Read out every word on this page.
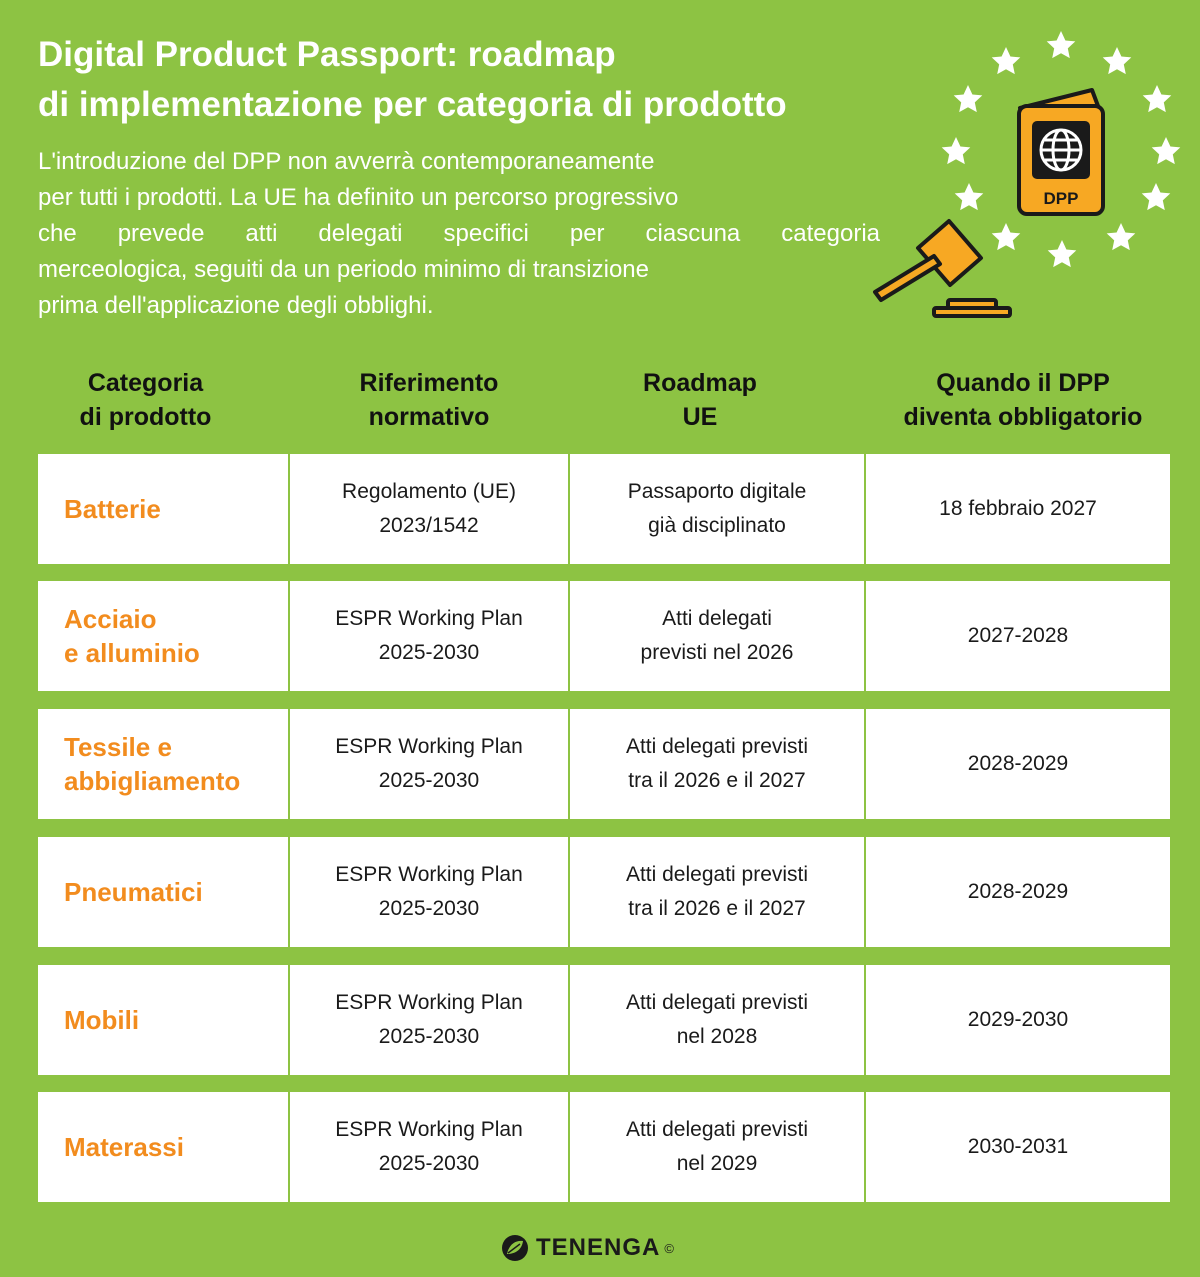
Digital Product Passport: roadmap
di implementazione per categoria di prodotto
L'introduzione del DPP non avverrà contemporaneamente
per tutti i prodotti. La UE ha definito un percorso progressivo
che prevede atti delegati specifici per ciascuna categoria
merceologica, seguiti da un periodo minimo di transizione
prima dell'applicazione degli obblighi.
DPP
Categoria
di prodotto
Riferimento
normativo
Roadmap
UE
Quando il DPP
diventa obbligatorio
Batterie
Regolamento (UE)
2023/1542
Passaporto digitale
già disciplinato
18 febbraio 2027
Acciaio
e alluminio
ESPR Working Plan
2025-2030
Atti delegati
previsti nel 2026
2027-2028
Tessile e
abbigliamento
ESPR Working Plan
2025-2030
Atti delegati previsti
tra il 2026 e il 2027
2028-2029
Pneumatici
ESPR Working Plan
2025-2030
Atti delegati previsti
tra il 2026 e il 2027
2028-2029
Mobili
ESPR Working Plan
2025-2030
Atti delegati previsti
nel 2028
2029-2030
Materassi
ESPR Working Plan
2025-2030
Atti delegati previsti
nel 2029
2030-2031
TENENGA ©
